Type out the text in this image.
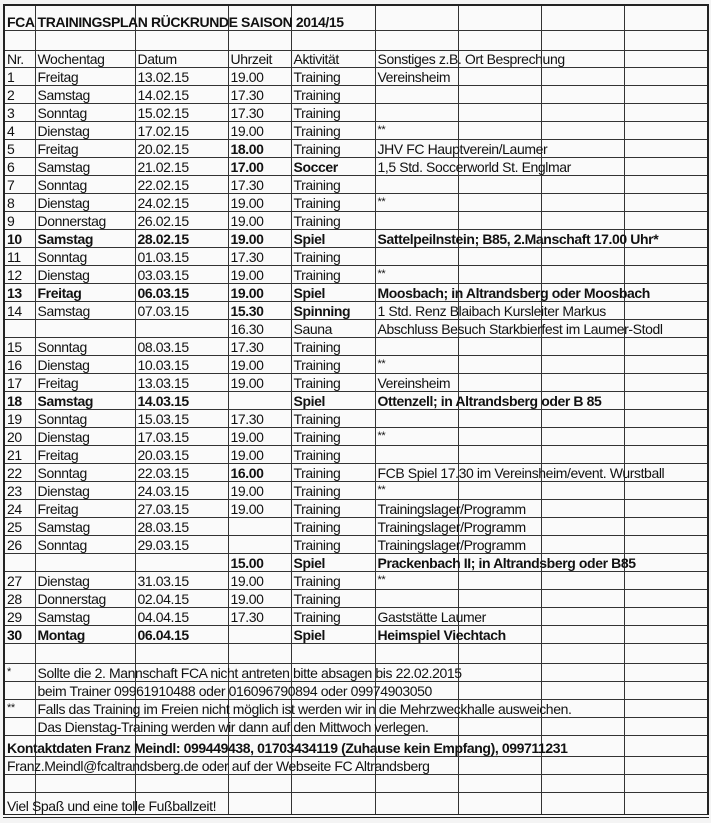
FCA TRAININGSPLAN RÜCKRUNDE SAISON 2014/15								

Nr.	Wochentag	Datum	Uhrzeit	Aktivität	Sonstiges z.B. Ort Besprechung			
1	Freitag	13.02.15	19.00	Training	Vereinsheim			
2	Samstag	14.02.15	17.30	Training				
3	Sonntag	15.02.15	17.30	Training				
4	Dienstag	17.02.15	19.00	Training	**			
5	Freitag	20.02.15	18.00	Training	JHV FC Hauptverein/Laumer			
6	Samstag	21.02.15	17.00	Soccer	1,5 Std. Soccerworld St. Englmar			
7	Sonntag	22.02.15	17.30	Training				
8	Dienstag	24.02.15	19.00	Training	**			
9	Donnerstag	26.02.15	19.00	Training				
10	Samstag	28.02.15	19.00	Spiel	Sattelpeilnstein; B85, 2.Manschaft 17.00 Uhr*			
11	Sonntag	01.03.15	17.30	Training				
12	Dienstag	03.03.15	19.00	Training	**			
13	Freitag	06.03.15	19.00	Spiel	Moosbach; in Altrandsberg oder Moosbach			
14	Samstag	07.03.15	15.30	Spinning	1 Std. Renz Blaibach Kursleiter Markus			
			16.30	Sauna	Abschluss Besuch Starkbierfest im Laumer-Stodl			
15	Sonntag	08.03.15	17.30	Training				
16	Dienstag	10.03.15	19.00	Training	**			
17	Freitag	13.03.15	19.00	Training	Vereinsheim			
18	Samstag	14.03.15		Spiel	Ottenzell; in Altrandsberg oder B 85			
19	Sonntag	15.03.15	17.30	Training				
20	Dienstag	17.03.15	19.00	Training	**			
21	Freitag	20.03.15	19.00	Training				
22	Sonntag	22.03.15	16.00	Training	FCB Spiel 17.30 im Vereinsheim/event. Wurstball			
23	Dienstag	24.03.15	19.00	Training	**			
24	Freitag	27.03.15	19.00	Training	Trainingslager/Programm			
25	Samstag	28.03.15		Training	Trainingslager/Programm			
26	Sonntag	29.03.15		Training	Trainingslager/Programm			
			15.00	Spiel	Prackenbach II; in Altrandsberg oder B85			
27	Dienstag	31.03.15	19.00	Training	**			
28	Donnerstag	02.04.15	19.00	Training				
29	Samstag	04.04.15	17.30	Training	Gaststätte Laumer			
30	Montag	06.04.15		Spiel	Heimspiel Viechtach			

*	Sollte die 2. Mannschaft FCA nicht antreten bitte absagen bis 22.02.2015							
	beim Trainer 09961910488 oder 016096790894 oder 09974903050							
**	Falls das Training im Freien nicht möglich ist werden wir in die Mehrzweckhalle ausweichen.							
	Das Dienstag-Training werden wir dann auf den Mittwoch verlegen.							
Kontaktdaten Franz Meindl: 099449438, 01703434119 (Zuhause kein Empfang), 099711231								
Franz.Meindl@fcaltrandsberg.de oder auf der Webseite FC Altrandsberg								

Viel Spaß und eine tolle Fußballzeit!								
